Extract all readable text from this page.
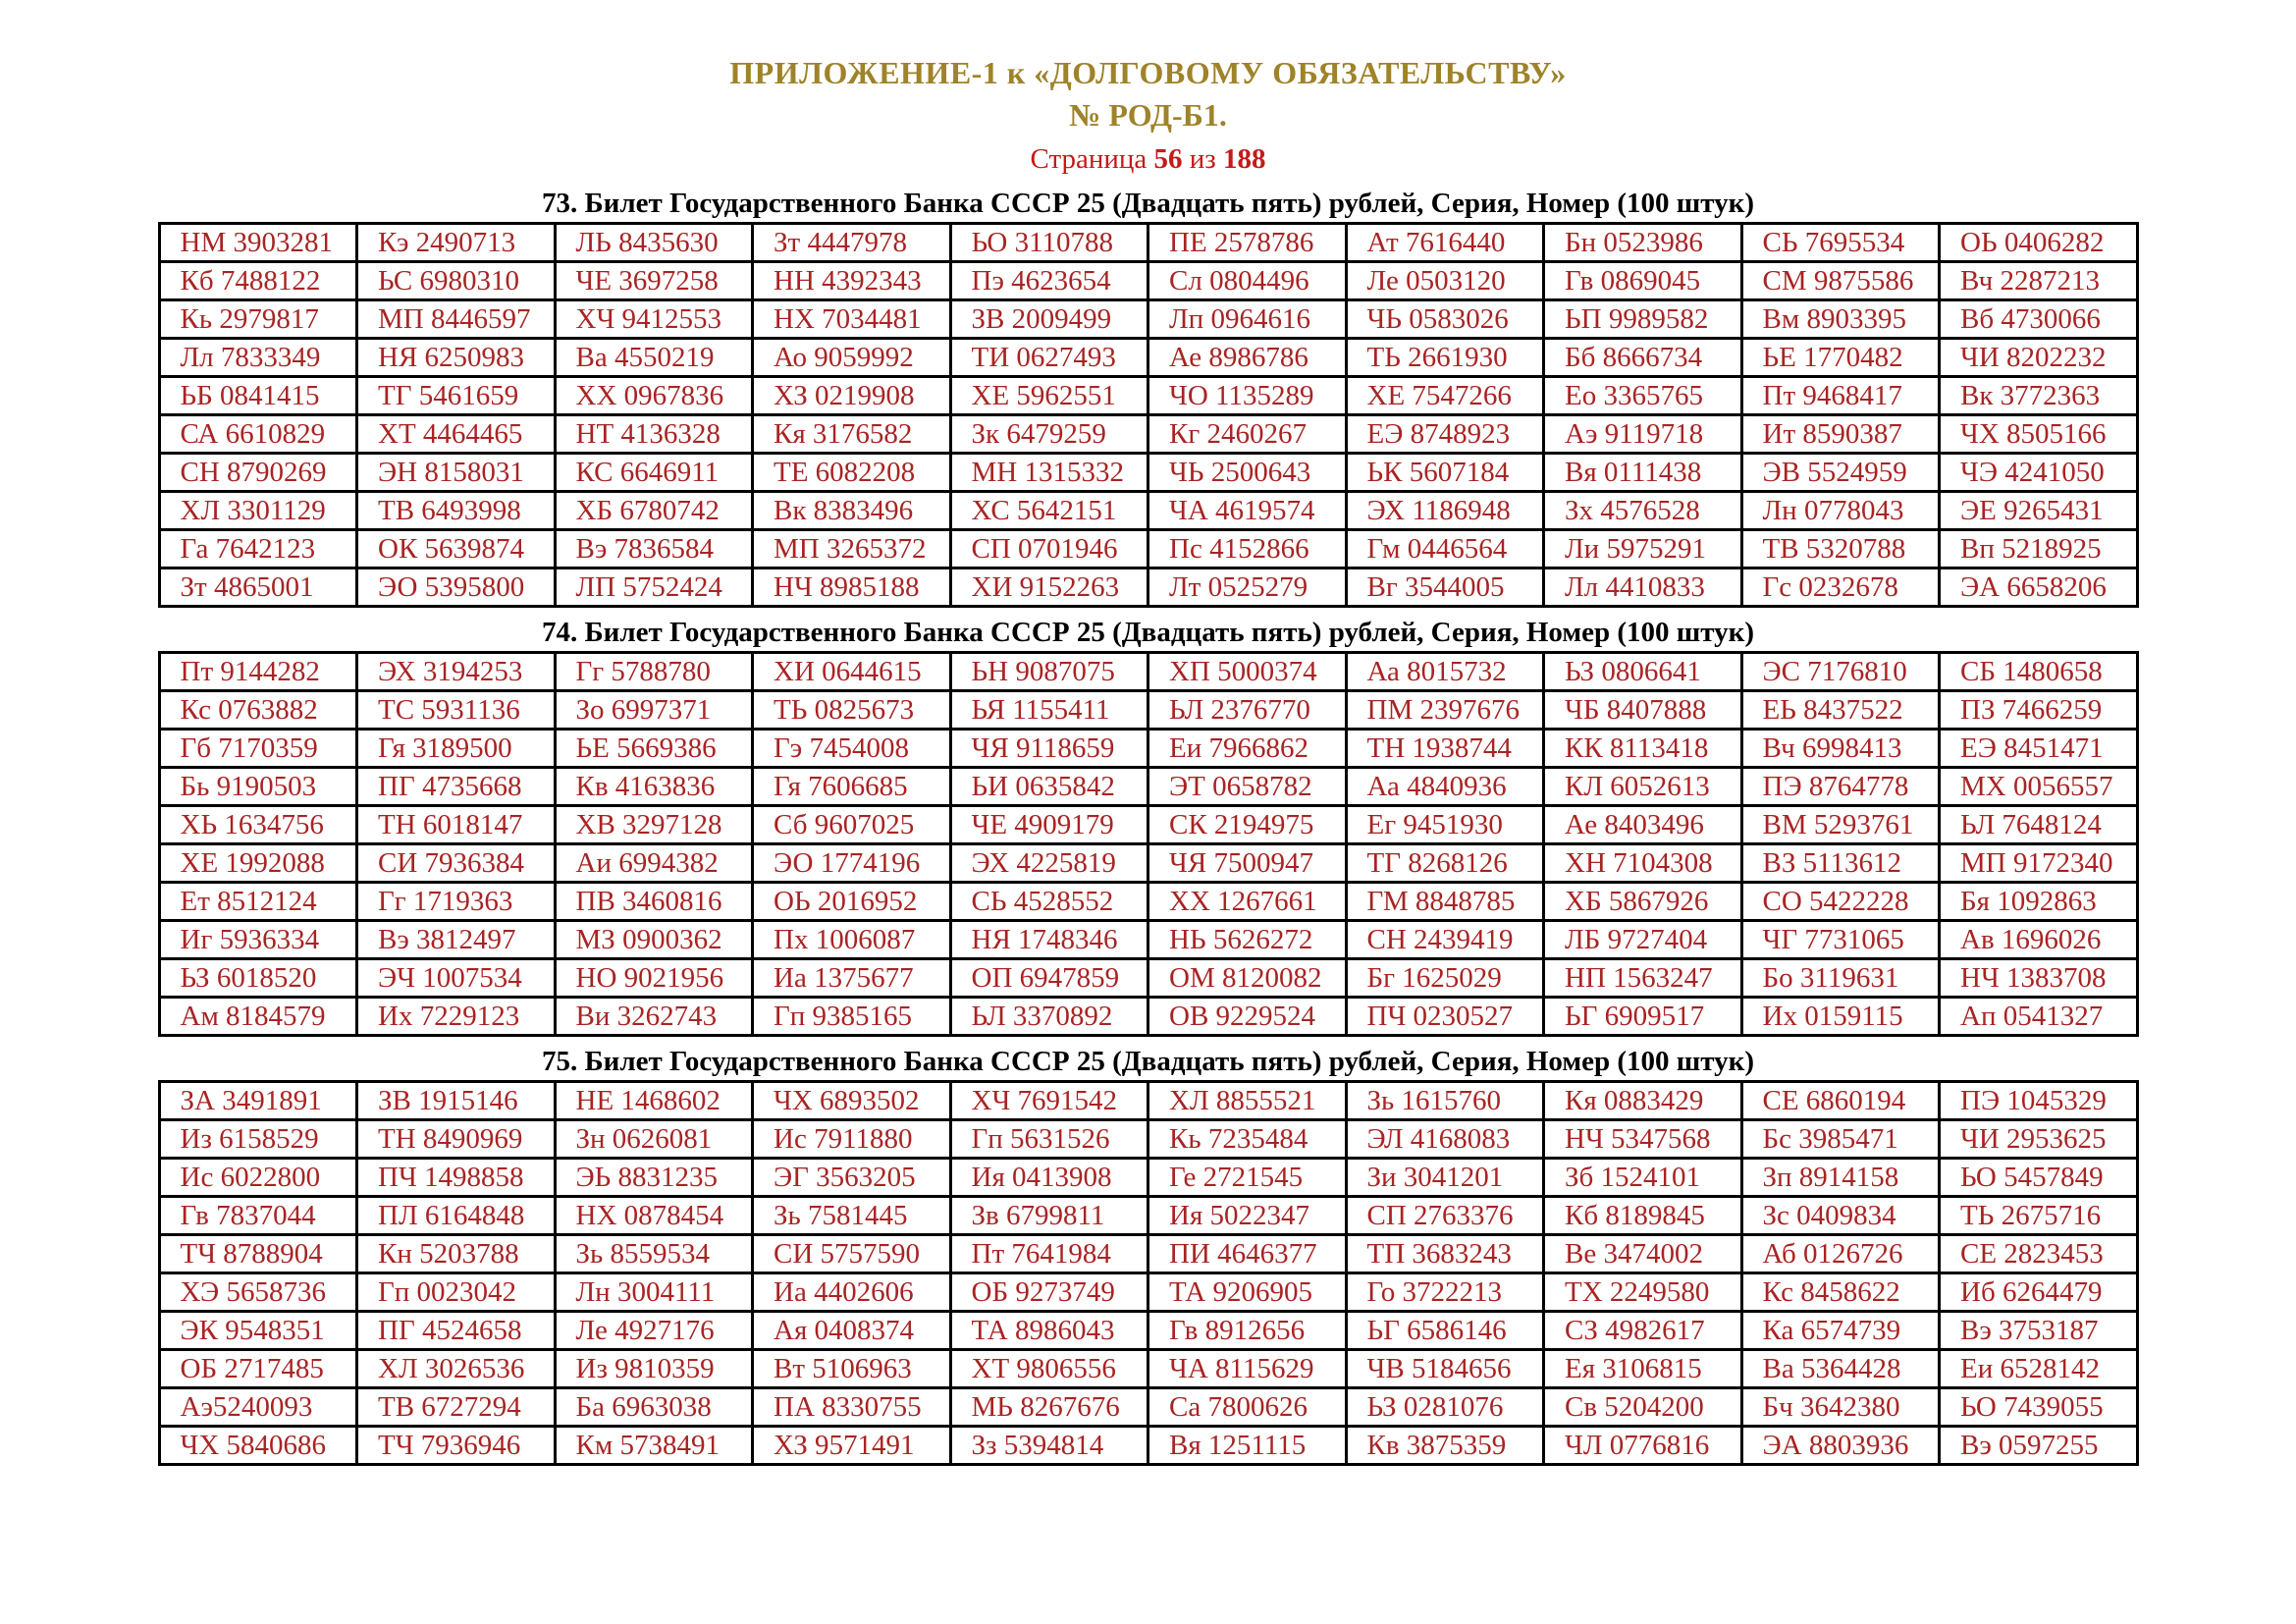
ПРИЛОЖЕНИЕ-1 к «ДОЛГОВОМУ ОБЯЗАТЕЛЬСТВУ»
№ РОД-Б1.
Страница 56 из 188
73. Билет Государственного Банка СССР 25 (Двадцать пять) рублей, Серия, Номер (100 штук)
НМ 3903281	Кэ 2490713	ЛЬ 8435630	Зт 4447978	ЬО 3110788	ПЕ 2578786	Ат 7616440	Бн 0523986	СЬ 7695534	ОЬ 0406282
Кб 7488122	ЬС 6980310	ЧЕ 3697258	НН 4392343	Пэ 4623654	Сл 0804496	Ле 0503120	Гв 0869045	СМ 9875586	Вч 2287213
Кь 2979817	МП 8446597	ХЧ 9412553	НХ 7034481	ЗВ 2009499	Лп 0964616	ЧЬ 0583026	ЬП 9989582	Вм 8903395	Вб 4730066
Лл 7833349	НЯ 6250983	Ва 4550219	Ао 9059992	ТИ 0627493	Ае 8986786	ТЬ 2661930	Бб 8666734	ЬЕ 1770482	ЧИ 8202232
ЬБ 0841415	ТГ 5461659	ХХ 0967836	ХЗ 0219908	ХЕ 5962551	ЧО 1135289	ХЕ 7547266	Ео 3365765	Пт 9468417	Вк 3772363
СА 6610829	ХТ 4464465	НТ 4136328	Кя 3176582	Зк 6479259	Кг 2460267	ЕЭ 8748923	Аэ 9119718	Ит 8590387	ЧХ 8505166
СН 8790269	ЭН 8158031	КС 6646911	ТЕ 6082208	МН 1315332	ЧЬ 2500643	ЬК 5607184	Вя 0111438	ЭВ 5524959	ЧЭ 4241050
ХЛ 3301129	ТВ 6493998	ХБ 6780742	Вк 8383496	ХС 5642151	ЧА 4619574	ЭХ 1186948	Зх 4576528	Лн 0778043	ЭЕ 9265431
Га 7642123	ОК 5639874	Вэ 7836584	МП 3265372	СП 0701946	Пс 4152866	Гм 0446564	Ли 5975291	ТВ 5320788	Вп 5218925
Зт 4865001	ЭО 5395800	ЛП 5752424	НЧ 8985188	ХИ 9152263	Лт 0525279	Вг 3544005	Лл 4410833	Гс 0232678	ЭА 6658206
74. Билет Государственного Банка СССР 25 (Двадцать пять) рублей, Серия, Номер (100 штук)
Пт 9144282	ЭХ 3194253	Гг 5788780	ХИ 0644615	ЬН 9087075	ХП 5000374	Аа 8015732	ЬЗ 0806641	ЭС 7176810	СБ 1480658
Кс 0763882	ТС 5931136	Зо 6997371	ТЬ 0825673	ЬЯ 1155411	ЬЛ 2376770	ПМ 2397676	ЧБ 8407888	ЕЬ 8437522	ПЗ 7466259
Гб 7170359	Гя 3189500	ЬЕ 5669386	Гэ 7454008	ЧЯ 9118659	Еи 7966862	ТН 1938744	КК 8113418	Вч 6998413	ЕЭ 8451471
Бь 9190503	ПГ 4735668	Кв 4163836	Гя 7606685	ЬИ 0635842	ЭТ 0658782	Аа 4840936	КЛ 6052613	ПЭ 8764778	МХ 0056557
ХЬ 1634756	ТН 6018147	ХВ 3297128	Сб 9607025	ЧЕ 4909179	СК 2194975	Ег 9451930	Ае 8403496	ВМ 5293761	ЬЛ 7648124
ХЕ 1992088	СИ 7936384	Аи 6994382	ЭО 1774196	ЭХ 4225819	ЧЯ 7500947	ТГ 8268126	ХН 7104308	ВЗ 5113612	МП 9172340
Ет 8512124	Гг 1719363	ПВ 3460816	ОЬ 2016952	СЬ 4528552	ХХ 1267661	ГМ 8848785	ХБ 5867926	СО 5422228	Бя 1092863
Иг 5936334	Вэ 3812497	МЗ 0900362	Пх 1006087	НЯ 1748346	НЬ 5626272	СН 2439419	ЛБ 9727404	ЧГ 7731065	Ав 1696026
ЬЗ 6018520	ЭЧ 1007534	НО 9021956	Иа 1375677	ОП 6947859	ОМ 8120082	Бг 1625029	НП 1563247	Бо 3119631	НЧ 1383708
Ам 8184579	Их 7229123	Ви 3262743	Гп 9385165	ЬЛ 3370892	ОВ 9229524	ПЧ 0230527	ЬГ 6909517	Их 0159115	Ап 0541327
75. Билет Государственного Банка СССР 25 (Двадцать пять) рублей, Серия, Номер (100 штук)
ЗА 3491891	ЗВ 1915146	НЕ 1468602	ЧХ 6893502	ХЧ 7691542	ХЛ 8855521	Зь 1615760	Кя 0883429	СЕ 6860194	ПЭ 1045329
Из 6158529	ТН 8490969	Зн 0626081	Ис 7911880	Гп 5631526	Кь 7235484	ЭЛ 4168083	НЧ 5347568	Бс 3985471	ЧИ 2953625
Ис 6022800	ПЧ 1498858	ЭЬ 8831235	ЭГ 3563205	Ия 0413908	Ге 2721545	Зи 3041201	Зб 1524101	Зп 8914158	ЬО 5457849
Гв 7837044	ПЛ 6164848	НХ 0878454	Зь 7581445	Зв 6799811	Ия 5022347	СП 2763376	Кб 8189845	Зс 0409834	ТЬ 2675716
ТЧ 8788904	Кн 5203788	Зь 8559534	СИ 5757590	Пт 7641984	ПИ 4646377	ТП 3683243	Ве 3474002	Аб 0126726	СЕ 2823453
ХЭ 5658736	Гп 0023042	Лн 3004111	Иа 4402606	ОБ 9273749	ТА 9206905	Го 3722213	ТХ 2249580	Кс 8458622	Иб 6264479
ЭК 9548351	ПГ 4524658	Ле 4927176	Ая 0408374	ТА 8986043	Гв 8912656	ЬГ 6586146	СЗ 4982617	Ка 6574739	Вэ 3753187
ОБ 2717485	ХЛ 3026536	Из 9810359	Вт 5106963	ХТ 9806556	ЧА 8115629	ЧВ 5184656	Ея 3106815	Ва 5364428	Еи 6528142
Аэ5240093	ТВ 6727294	Ба 6963038	ПА 8330755	МЬ 8267676	Са 7800626	ЬЗ 0281076	Св 5204200	Бч 3642380	ЬО 7439055
ЧХ 5840686	ТЧ 7936946	Км 5738491	ХЗ 9571491	Зз 5394814	Вя 1251115	Кв 3875359	ЧЛ 0776816	ЭА 8803936	Вэ 0597255
